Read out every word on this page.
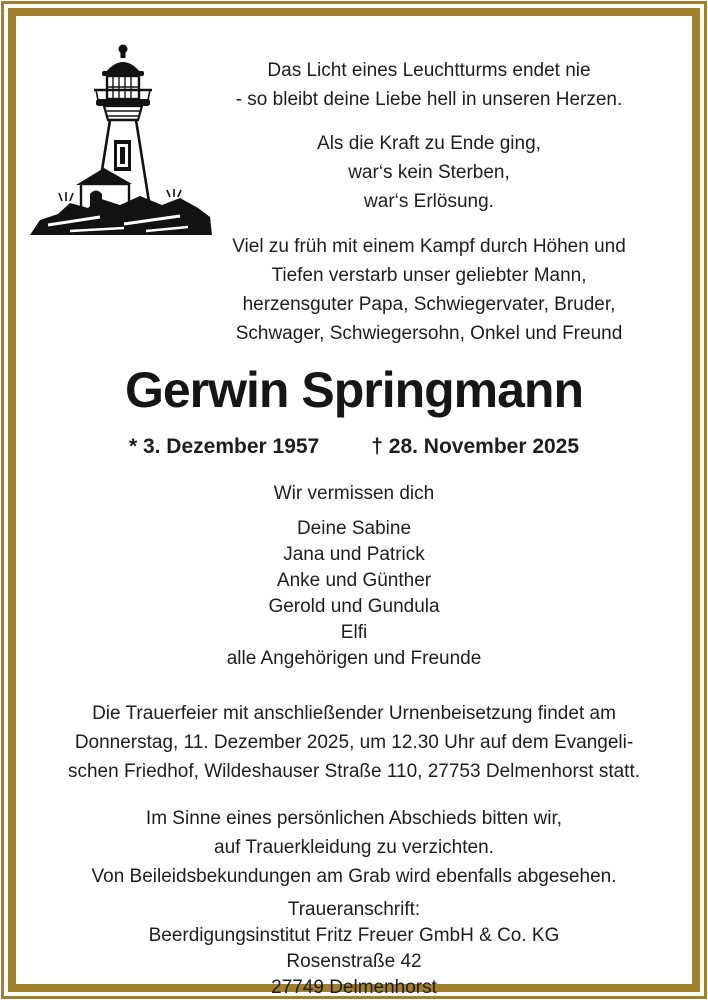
Das Licht eines Leuchtturms endet nie
- so bleibt deine Liebe hell in unseren Herzen.

Als die Kraft zu Ende ging,
war‘s kein Sterben,
war‘s Erlösung.

Viel zu früh mit einem Kampf durch Höhen und
Tiefen verstarb unser geliebter Mann,
herzensguter Papa, Schwiegervater, Bruder,
Schwager, Schwiegersohn, Onkel und Freund

Gerwin Springmann
* 3. Dezember 1957 † 28. November 2025

Wir vermissen dich

Deine Sabine
Jana und Patrick
Anke und Günther
Gerold und Gundula
Elfi
alle Angehörigen und Freunde

Die Trauerfeier mit anschließender Urnenbeisetzung findet am
Donnerstag, 11. Dezember 2025, um 12.30 Uhr auf dem Evangeli-
schen Friedhof, Wildeshauser Straße 110, 27753 Delmenhorst statt.

Im Sinne eines persönlichen Abschieds bitten wir,
auf Trauerkleidung zu verzichten.
Von Beileidsbekundungen am Grab wird ebenfalls abgesehen.

Traueranschrift:
Beerdigungsinstitut Fritz Freuer GmbH & Co. KG
Rosenstraße 42
27749 Delmenhorst
